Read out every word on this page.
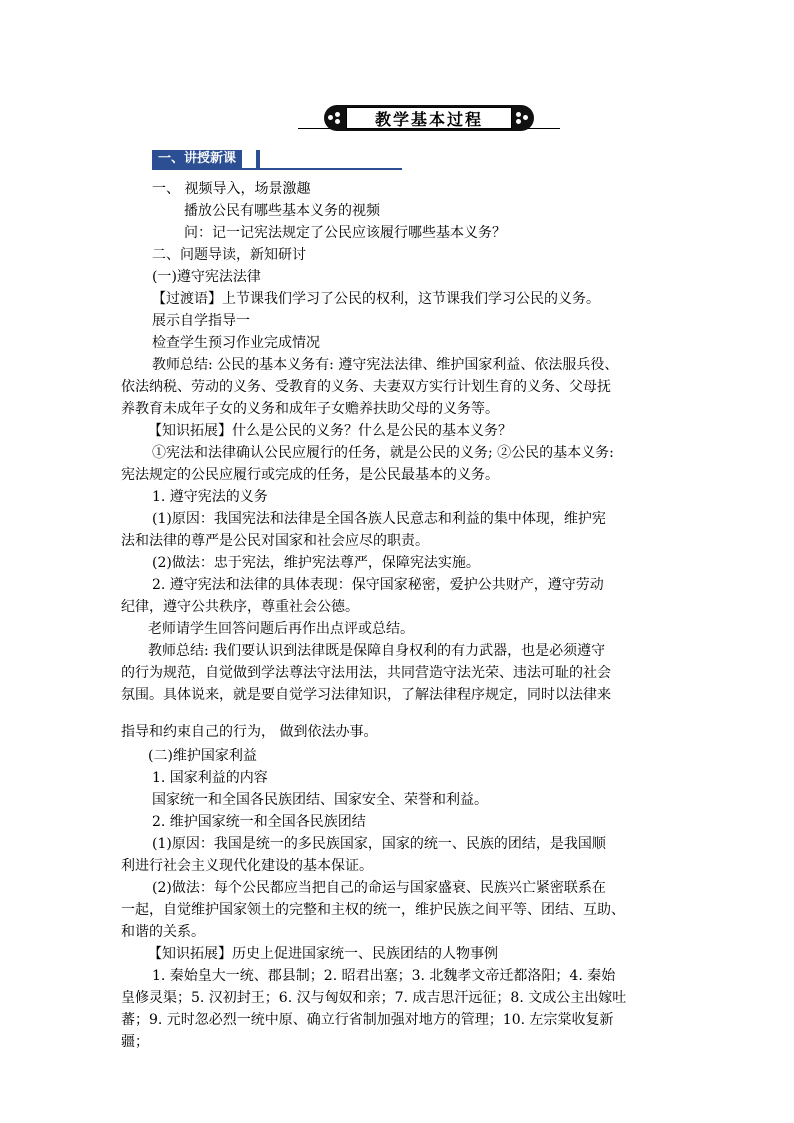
教学基本过程
一、讲授新课
一、 视频导入，场景激趣
播放公民有哪些基本义务的视频
问：记一记宪法规定了公民应该履行哪些基本义务？
二、问题导读，新知研讨
(一)遵守宪法法律
【过渡语】上节课我们学习了公民的权利，这节课我们学习公民的义务。
展示自学指导一
检查学生预习作业完成情况
教师总结: 公民的基本义务有: 遵守宪法法律、维护国家利益、依法服兵役、
依法纳税、劳动的义务、受教育的义务、夫妻双方实行计划生育的义务、父母抚
养教育未成年子女的义务和成年子女赡养扶助父母的义务等。
【知识拓展】什么是公民的义务？什么是公民的基本义务？
①宪法和法律确认公民应履行的任务，就是公民的义务; ②公民的基本义务:
宪法规定的公民应履行或完成的任务，是公民最基本的义务。
1. 遵守宪法的义务
(1)原因：我国宪法和法律是全国各族人民意志和利益的集中体现，维护宪
法和法律的尊严是公民对国家和社会应尽的职责。
(2)做法：忠于宪法，维护宪法尊严，保障宪法实施。
2. 遵守宪法和法律的具体表现：保守国家秘密，爱护公共财产，遵守劳动
纪律，遵守公共秩序，尊重社会公德。
老师请学生回答问题后再作出点评或总结。
教师总结: 我们要认识到法律既是保障自身权利的有力武器，也是必须遵守
的行为规范，自觉做到学法尊法守法用法，共同营造守法光荣、违法可耻的社会
氛围。具体说来，就是要自觉学习法律知识，了解法律程序规定，同时以法律来
指导和约束自己的行为， 做到依法办事。
(二)维护国家利益
1. 国家利益的内容
国家统一和全国各民族团结、国家安全、荣誉和利益。
2. 维护国家统一和全国各民族团结
(1)原因：我国是统一的多民族国家，国家的统一、民族的团结，是我国顺
利进行社会主义现代化建设的基本保证。
(2)做法：每个公民都应当把自己的命运与国家盛衰、民族兴亡紧密联系在
一起，自觉维护国家领土的完整和主权的统一，维护民族之间平等、团结、互助、
和谐的关系。
【知识拓展】历史上促进国家统一、民族团结的人物事例
1. 秦始皇大一统、郡县制；2. 昭君出塞；3. 北魏孝文帝迁都洛阳；4. 秦始
皇修灵渠；5. 汉初封王；6. 汉与匈奴和亲；7. 成吉思汗远征；8. 文成公主出嫁吐
蕃；9. 元时忽必烈一统中原、确立行省制加强对地方的管理；10. 左宗棠收复新
疆；
